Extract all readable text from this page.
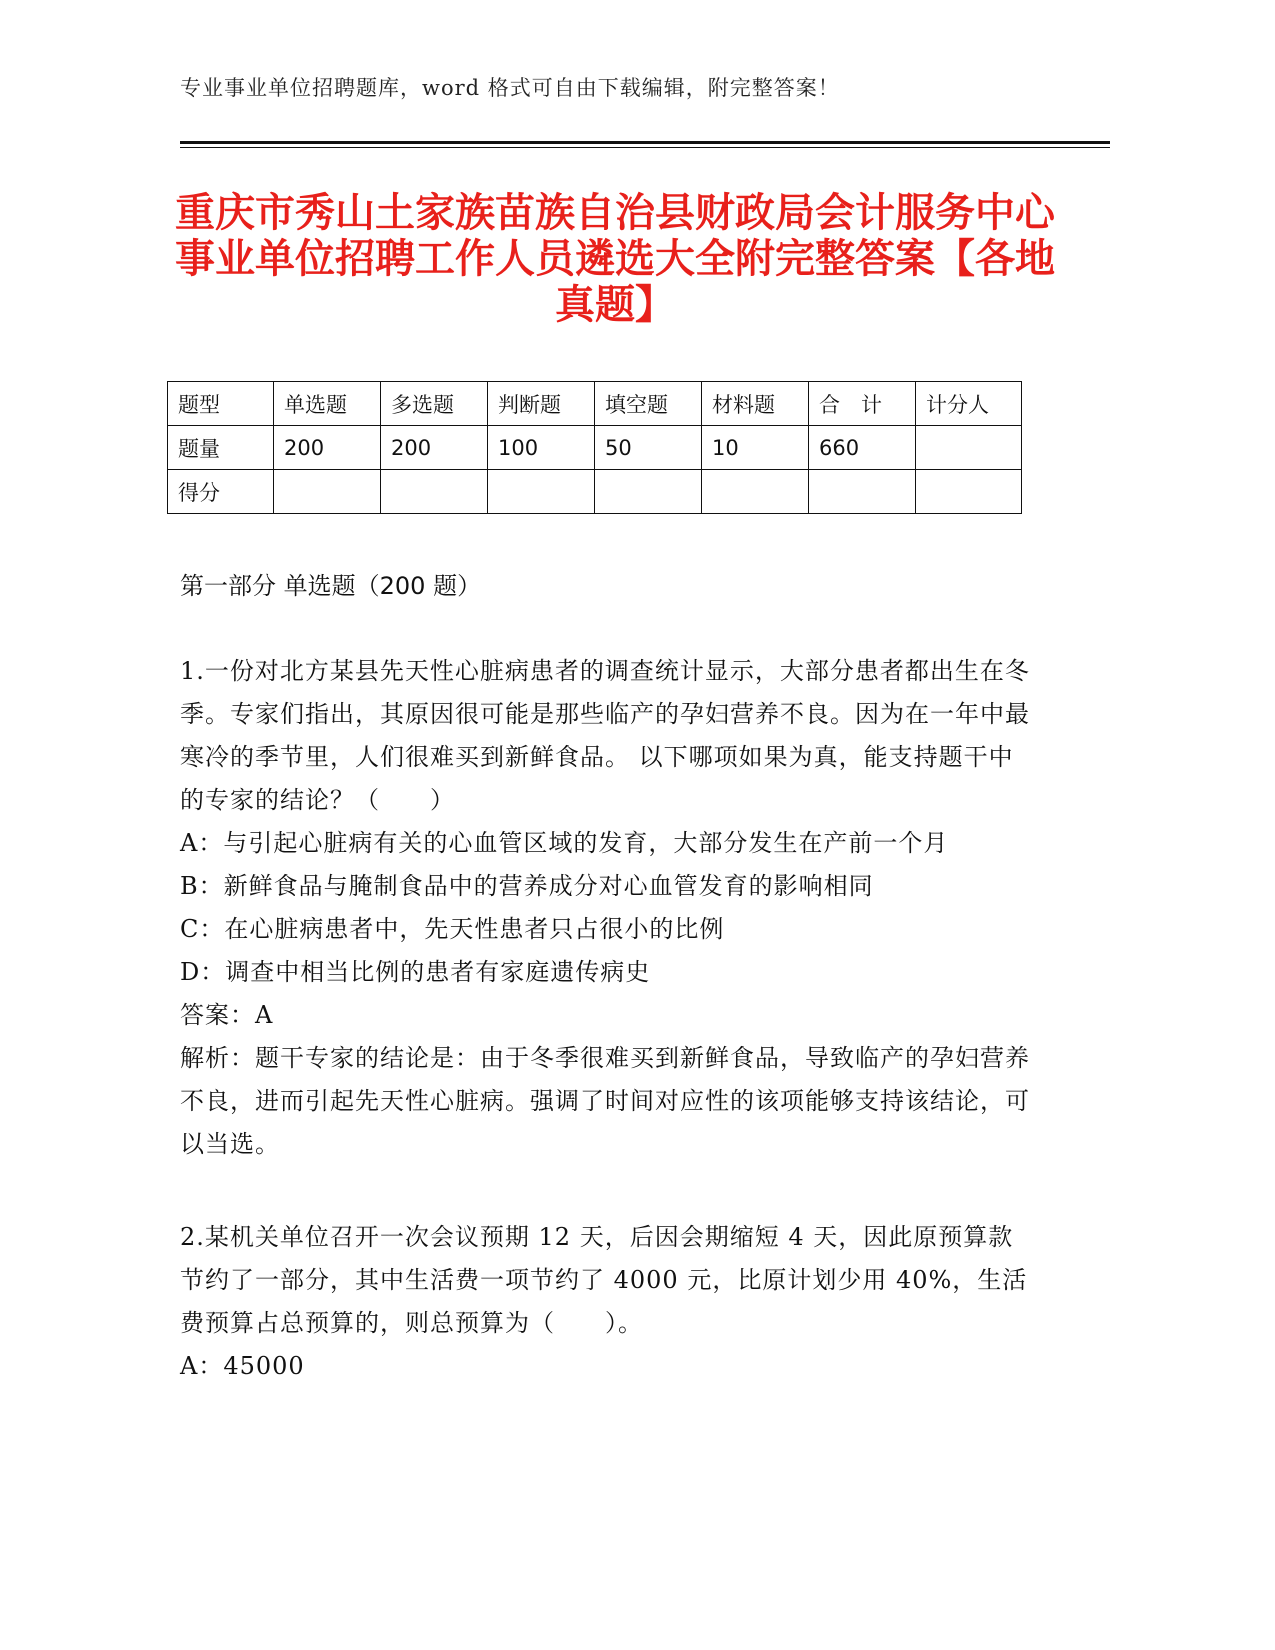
专业事业单位招聘题库，word 格式可自由下载编辑，附完整答案！
重庆市秀山土家族苗族自治县财政局会计服务中心事业单位招聘工作人员遴选大全附完整答案【各地真题】
题型	单选题	多选题	判断题	填空题	材料题	合　计	计分人
题量	200	200	100	50	10	660	
得分							
第一部分 单选题（200 题）

1.一份对北方某县先天性心脏病患者的调查统计显示，大部分患者都出生在冬季。专家们指出，其原因很可能是那些临产的孕妇营养不良。因为在一年中最寒冷的季节里，人们很难买到新鲜食品。 以下哪项如果为真，能支持题干中的专家的结论？（　　）

A：与引起心脏病有关的心血管区域的发育，大部分发生在产前一个月

B：新鲜食品与腌制食品中的营养成分对心血管发育的影响相同

C：在心脏病患者中，先天性患者只占很小的比例

D：调查中相当比例的患者有家庭遗传病史

答案：A

解析：题干专家的结论是：由于冬季很难买到新鲜食品，导致临产的孕妇营养不良，进而引起先天性心脏病。强调了时间对应性的该项能够支持该结论，可以当选。

2.某机关单位召开一次会议预期 12 天，后因会期缩短 4 天，因此原预算款节约了一部分，其中生活费一项节约了 4000 元，比原计划少用 40%，生活费预算占总预算的，则总预算为（　　）。

A：45000
